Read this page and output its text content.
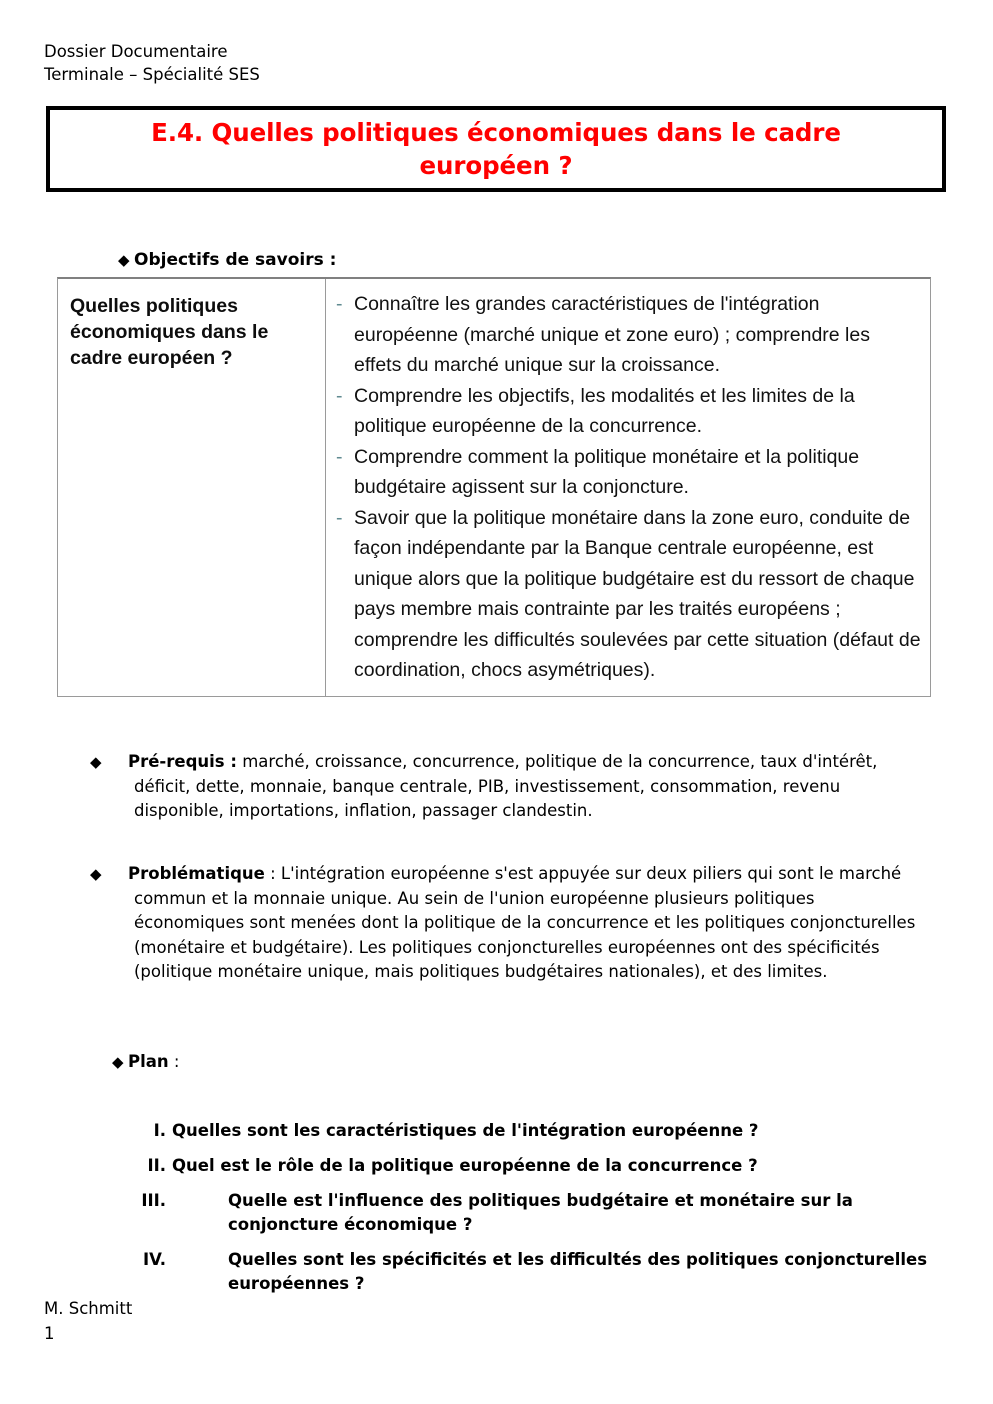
Dossier Documentaire
Terminale – Spécialité SES
E.4. Quelles politiques économiques dans le cadre européen ?
◆ Objectifs de savoirs :
Quelles politiques économiques dans le cadre européen ?
- Connaître les grandes caractéristiques de l'intégration européenne (marché unique et zone euro) ; comprendre les effets du marché unique sur la croissance.
- Comprendre les objectifs, les modalités et les limites de la politique européenne de la concurrence.
- Comprendre comment la politique monétaire et la politique budgétaire agissent sur la conjoncture.
- Savoir que la politique monétaire dans la zone euro, conduite de façon indépendante par la Banque centrale européenne, est unique alors que la politique budgétaire est du ressort de chaque pays membre mais contrainte par les traités européens ; comprendre les difficultés soulevées par cette situation (défaut de coordination, chocs asymétriques).
◆ Pré-requis : marché, croissance, concurrence, politique de la concurrence, taux d'intérêt, déficit, dette, monnaie, banque centrale, PIB, investissement, consommation, revenu disponible, importations, inflation, passager clandestin.
◆ Problématique : L'intégration européenne s'est appuyée sur deux piliers qui sont le marché commun et la monnaie unique. Au sein de l'union européenne plusieurs politiques économiques sont menées dont la politique de la concurrence et les politiques conjoncturelles (monétaire et budgétaire). Les politiques conjoncturelles européennes ont des spécificités (politique monétaire unique, mais politiques budgétaires nationales), et des limites.
◆ Plan :
I. Quelles sont les caractéristiques de l'intégration européenne ?
II. Quel est le rôle de la politique européenne de la concurrence ?
III.	Quelle est l'influence des politiques budgétaire et monétaire sur la conjoncture économique ?
IV.	Quelles sont les spécificités et les difficultés des politiques conjoncturelles européennes ?
M. Schmitt
1
